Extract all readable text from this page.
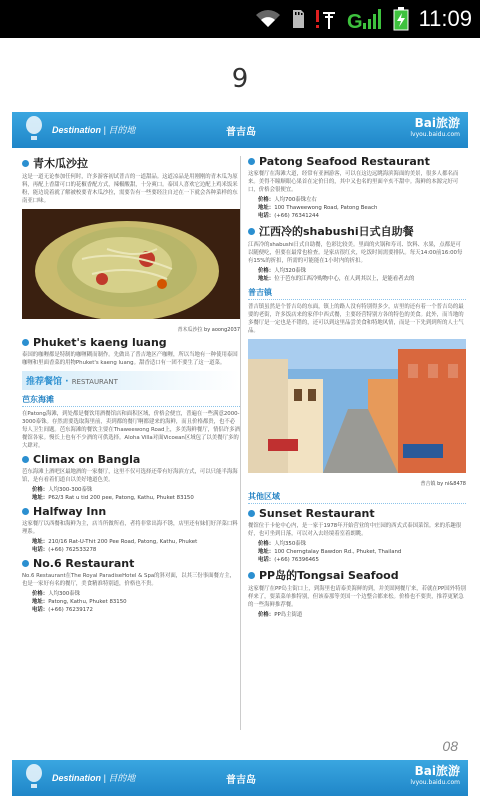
G	11:09
9
Destination | 目的地	普吉岛
Bai旅游
lvyou.baidu.com
青木瓜沙拉
这是一道无论参加任何时，许多游客初试普吉的一道甜品。这道凉品是用刚刚的青木瓜为原料，再配上香甜可口的花椒香配方式，辣椒酸甜，十分爽口。泰国人喜欢它边配上鸡米饭米粉，能边说着就了解被校要青木瓜沙拉，需要告有一些要经注自过在一下就会各种菜样的东南亚口味。
青木瓜沙拉 by aoong2037
Phuket's kaeng luang
泰国的咖喱都是特制的咖喱糊而制作。先做出了普吉地区产咖喱，所以当地有一种使用泰国咖喱和里面香菜的用物Phuket's kaeng luang。甜香适口有一团不要生了这一道菜。
推荐餐馆 · RESTAURANT
芭东海滩
在Patong海滩，到处都是餐饮用酒餐馆店和面积区域，价格会便宜，普遍在一些满意2000-3000泰铢。存然需要选取海里前，卖到都的餐厅啊都建来的海鲜，而且价格都贵，也不必每人卫生间题。芭东海滩的餐饮主要在Thaweewong Road上，多美海鲜餐厅，情侣许多酒餐馆各家。慢长上也有不少酒的可供选择。Aloha Villa对面Vicoean区域包了以美餐厅多的大肆对。
Climax on Bangla
芭东海滩上酒吧区最地酒的一家餐厅，这里不仅可选择还带有好海滨方式，可以只能半海海馆，是有看着们道自以美好地道色美。
价格：人均300-300泰铢
地址：P62/3 Rat u tid 200 pee, Patong, Kathu, Phuket 83150
Halfway Inn
这家餐厅以西餐和海鲜为主，店当所做所看，者将非常出海不锈，店里还有妹们好洋菜口料理系。
地址：210/16 Rat-U-Thit 200 Pee Road, Patong, Kathu, Phuket
电话：(+66) 762533278
No.6 Restaurant
No.6 Restaurant在The Royal ParadiseHotel & Spa的斜对面，以其三份事面餐方主，也是一家好有名的餐厅，美食精准特别道，价格也不贵。
价格：人均300泰铢
地址：Patong, Kathu, Phuket 83150
电话：(+66) 76239172
Patong Seafood Restaurant
这家餐厅在海滩大道，经常有亚洲游客，可以在这边远眺海滨海面的美景，很多人都名而来。美得不瞳顺眼心果首在定价日的，其中又也名的里面辛亥不甜中。海鲜的本源完好可口，价格会很便宜。
价格：人均700泰铢左右
地址：100 Thaweewong Road, Patong Beach
电话：(+66) 76341244
江西冷的shabushi日式自助餐
江西冷的shabushi日式自助餐，色彩比较美。里面的火锅和寿司、饮料、水果，点都是可以随便吃，但要在最常也检查。是家店很红火，吃饭时间需要排队。每天14:00前16:00每有15%的折扣，所需的可能能在1小时内的折扣。
价格：人均320泰铢
地址：位于芭东的江西冷购物中心，在人到其以上，是能看者去的
普吉镇
普吉镇虽然是个普吉岛的东面，镇上的路人没有特别得多少，店里的还有着一个普吉岛的最要的老街，许多饭店来的家伴中西式餐，主要经营特别方各的特色的美食。此外，而当地的多餐厅是一定也是不错的，还可以到这里品尝美食和特地风情，而是一下先到到所的人士气品。
普吉镇 by ni&8478
其他区域
Sunset Restaurant
餐馆位于卡伦中心内，是一家于1978年开始营业的中庄园的西式式泰国菜馆。来的乐趣很好，也可坐到日落，可以对入去经境着室着朗眺。
价格：人均350泰铢
地址：100 Cherngtalay Bawdon Rd., Phuket, Thailand
电话：(+66) 76396465
PP岛的Tongsai Seafood
这家餐厅在PP岛主街口上，到海里也请泰美海鲜的到，并美固网餐厅来，若就在PP国外特别样来了，要菜菜单推特别，但该泰那等美国一个边整合都来松。价格也不要贵，推荐更紧急的一些海鲜推荐餐。
价格：PP岛主街道
08
Destination | 目的地	普吉岛
Bai旅游
lvyou.baidu.com
